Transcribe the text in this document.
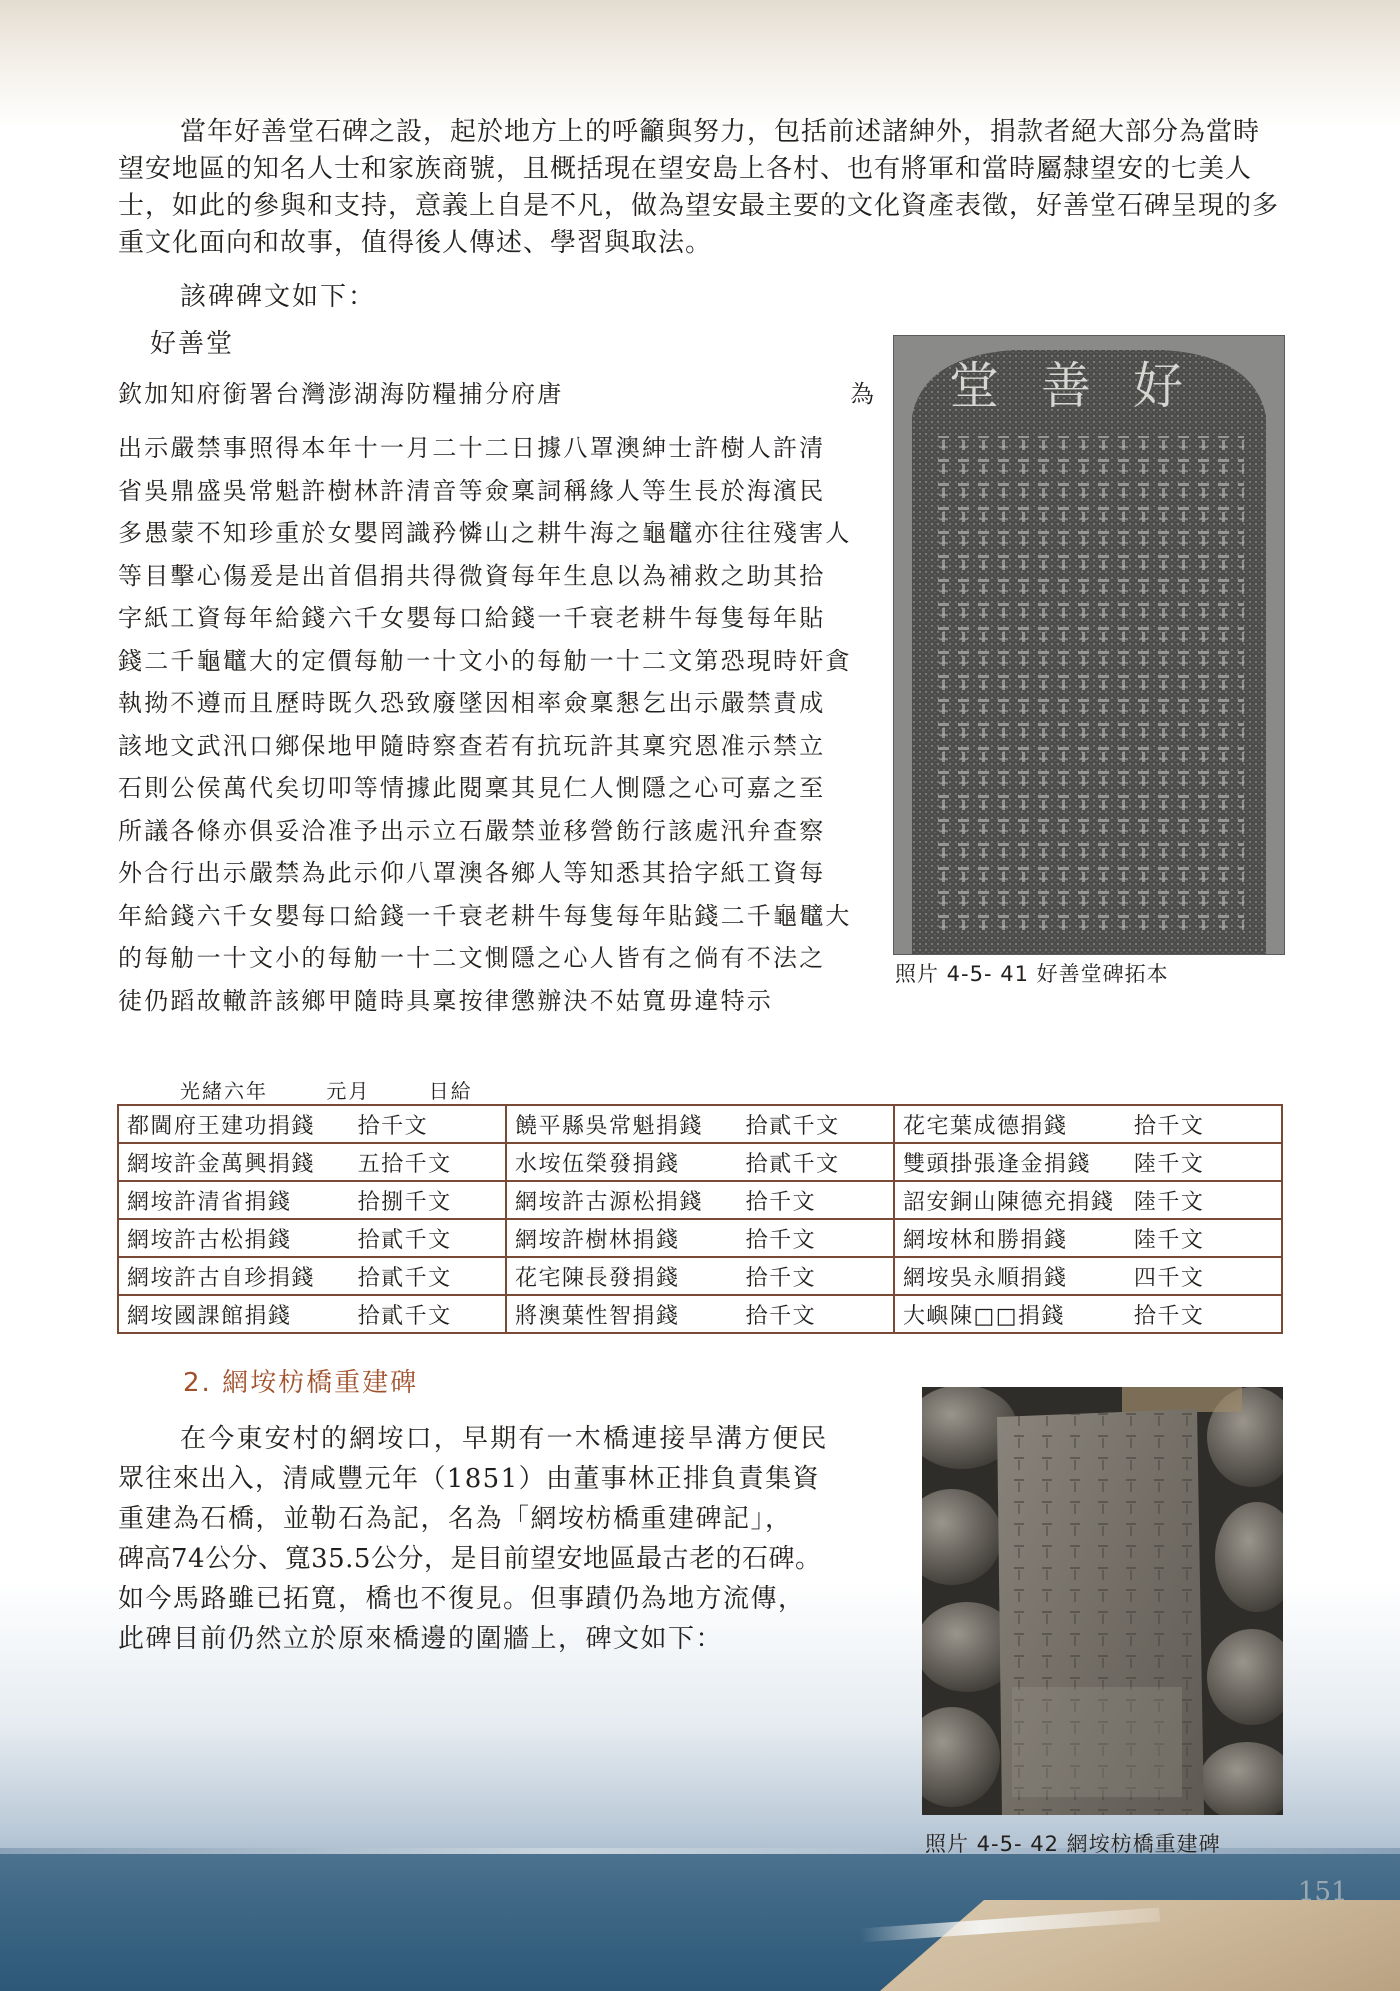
當年好善堂石碑之設，起於地方上的呼籲與努力，包括前述諸紳外，捐款者絕大部分為當時望安地區的知名人士和家族商號，且概括現在望安島上各村、也有將軍和當時屬隸望安的七美人士，如此的參與和支持，意義上自是不凡，做為望安最主要的文化資產表徵，好善堂石碑呈現的多重文化面向和故事，值得後人傳述、學習與取法。

該碑碑文如下：

好善堂

欽加知府銜署台灣澎湖海防糧捕分府唐	為
出示嚴禁事照得本年十一月二十二日據八罩澳紳士許樹人許清
省吳鼎盛吳常魁許樹林許清音等僉稟詞稱緣人等生長於海濱民
多愚蒙不知珍重於女嬰罔識矜憐山之耕牛海之龜鼊亦往往殘害人
等目擊心傷爰是出首倡捐共得微資每年生息以為補救之助其拾
字紙工資每年給錢六千女嬰每口給錢一千衰老耕牛每隻每年貼
錢二千龜鼊大的定價每觔一十文小的每觔一十二文第恐現時奸貪
執拗不遵而且歷時既久恐致廢墜因相率僉稟懇乞出示嚴禁責成
該地文武汛口鄉保地甲隨時察查若有抗玩許其稟究恩准示禁立
石則公侯萬代矣切叩等情據此閱稟其見仁人惻隱之心可嘉之至
所議各條亦俱妥洽准予出示立石嚴禁並移營飭行該處汛弁查察
外合行出示嚴禁為此示仰八罩澳各鄉人等知悉其拾字紙工資每
年給錢六千女嬰每口給錢一千衰老耕牛每隻每年貼錢二千龜鼊大
的每觔一十文小的每觔一十二文惻隱之心人皆有之倘有不法之
徒仍蹈故轍許該鄉甲隨時具稟按律懲辦決不姑寬毋違特示
好善堂

照片 4-5- 41 好善堂碑拓本

光緒六年	元月	日給
都閫府王建功捐錢	拾千文	饒平縣吳常魁捐錢	拾貳千文	花宅葉成德捐錢	拾千文
網垵許金萬興捐錢	五拾千文	水垵伍榮發捐錢	拾貳千文	雙頭掛張逢金捐錢	陸千文
網垵許清省捐錢	拾捌千文	網垵許古源松捐錢	拾千文	詔安銅山陳德充捐錢	陸千文
網垵許古松捐錢	拾貳千文	網垵許樹林捐錢	拾千文	網垵林和勝捐錢	陸千文
網垵許古自珍捐錢	拾貳千文	花宅陳長發捐錢	拾千文	網垵吳永順捐錢	四千文
網垵國課館捐錢	拾貳千文	將澳葉性智捐錢	拾千文	大嶼陳□□捐錢	拾千文

2. 網垵枋橋重建碑

在今東安村的網垵口，早期有一木橋連接旱溝方便民
眾往來出入，清咸豐元年（1851）由董事林正排負責集資
重建為石橋，並勒石為記，名為「網垵枋橋重建碑記」，
碑高74公分、寬35.5公分，是目前望安地區最古老的石碑。
如今馬路雖已拓寬，橋也不復見。但事蹟仍為地方流傳，
此碑目前仍然立於原來橋邊的圍牆上，碑文如下：

照片 4-5- 42 網垵枋橋重建碑

151
